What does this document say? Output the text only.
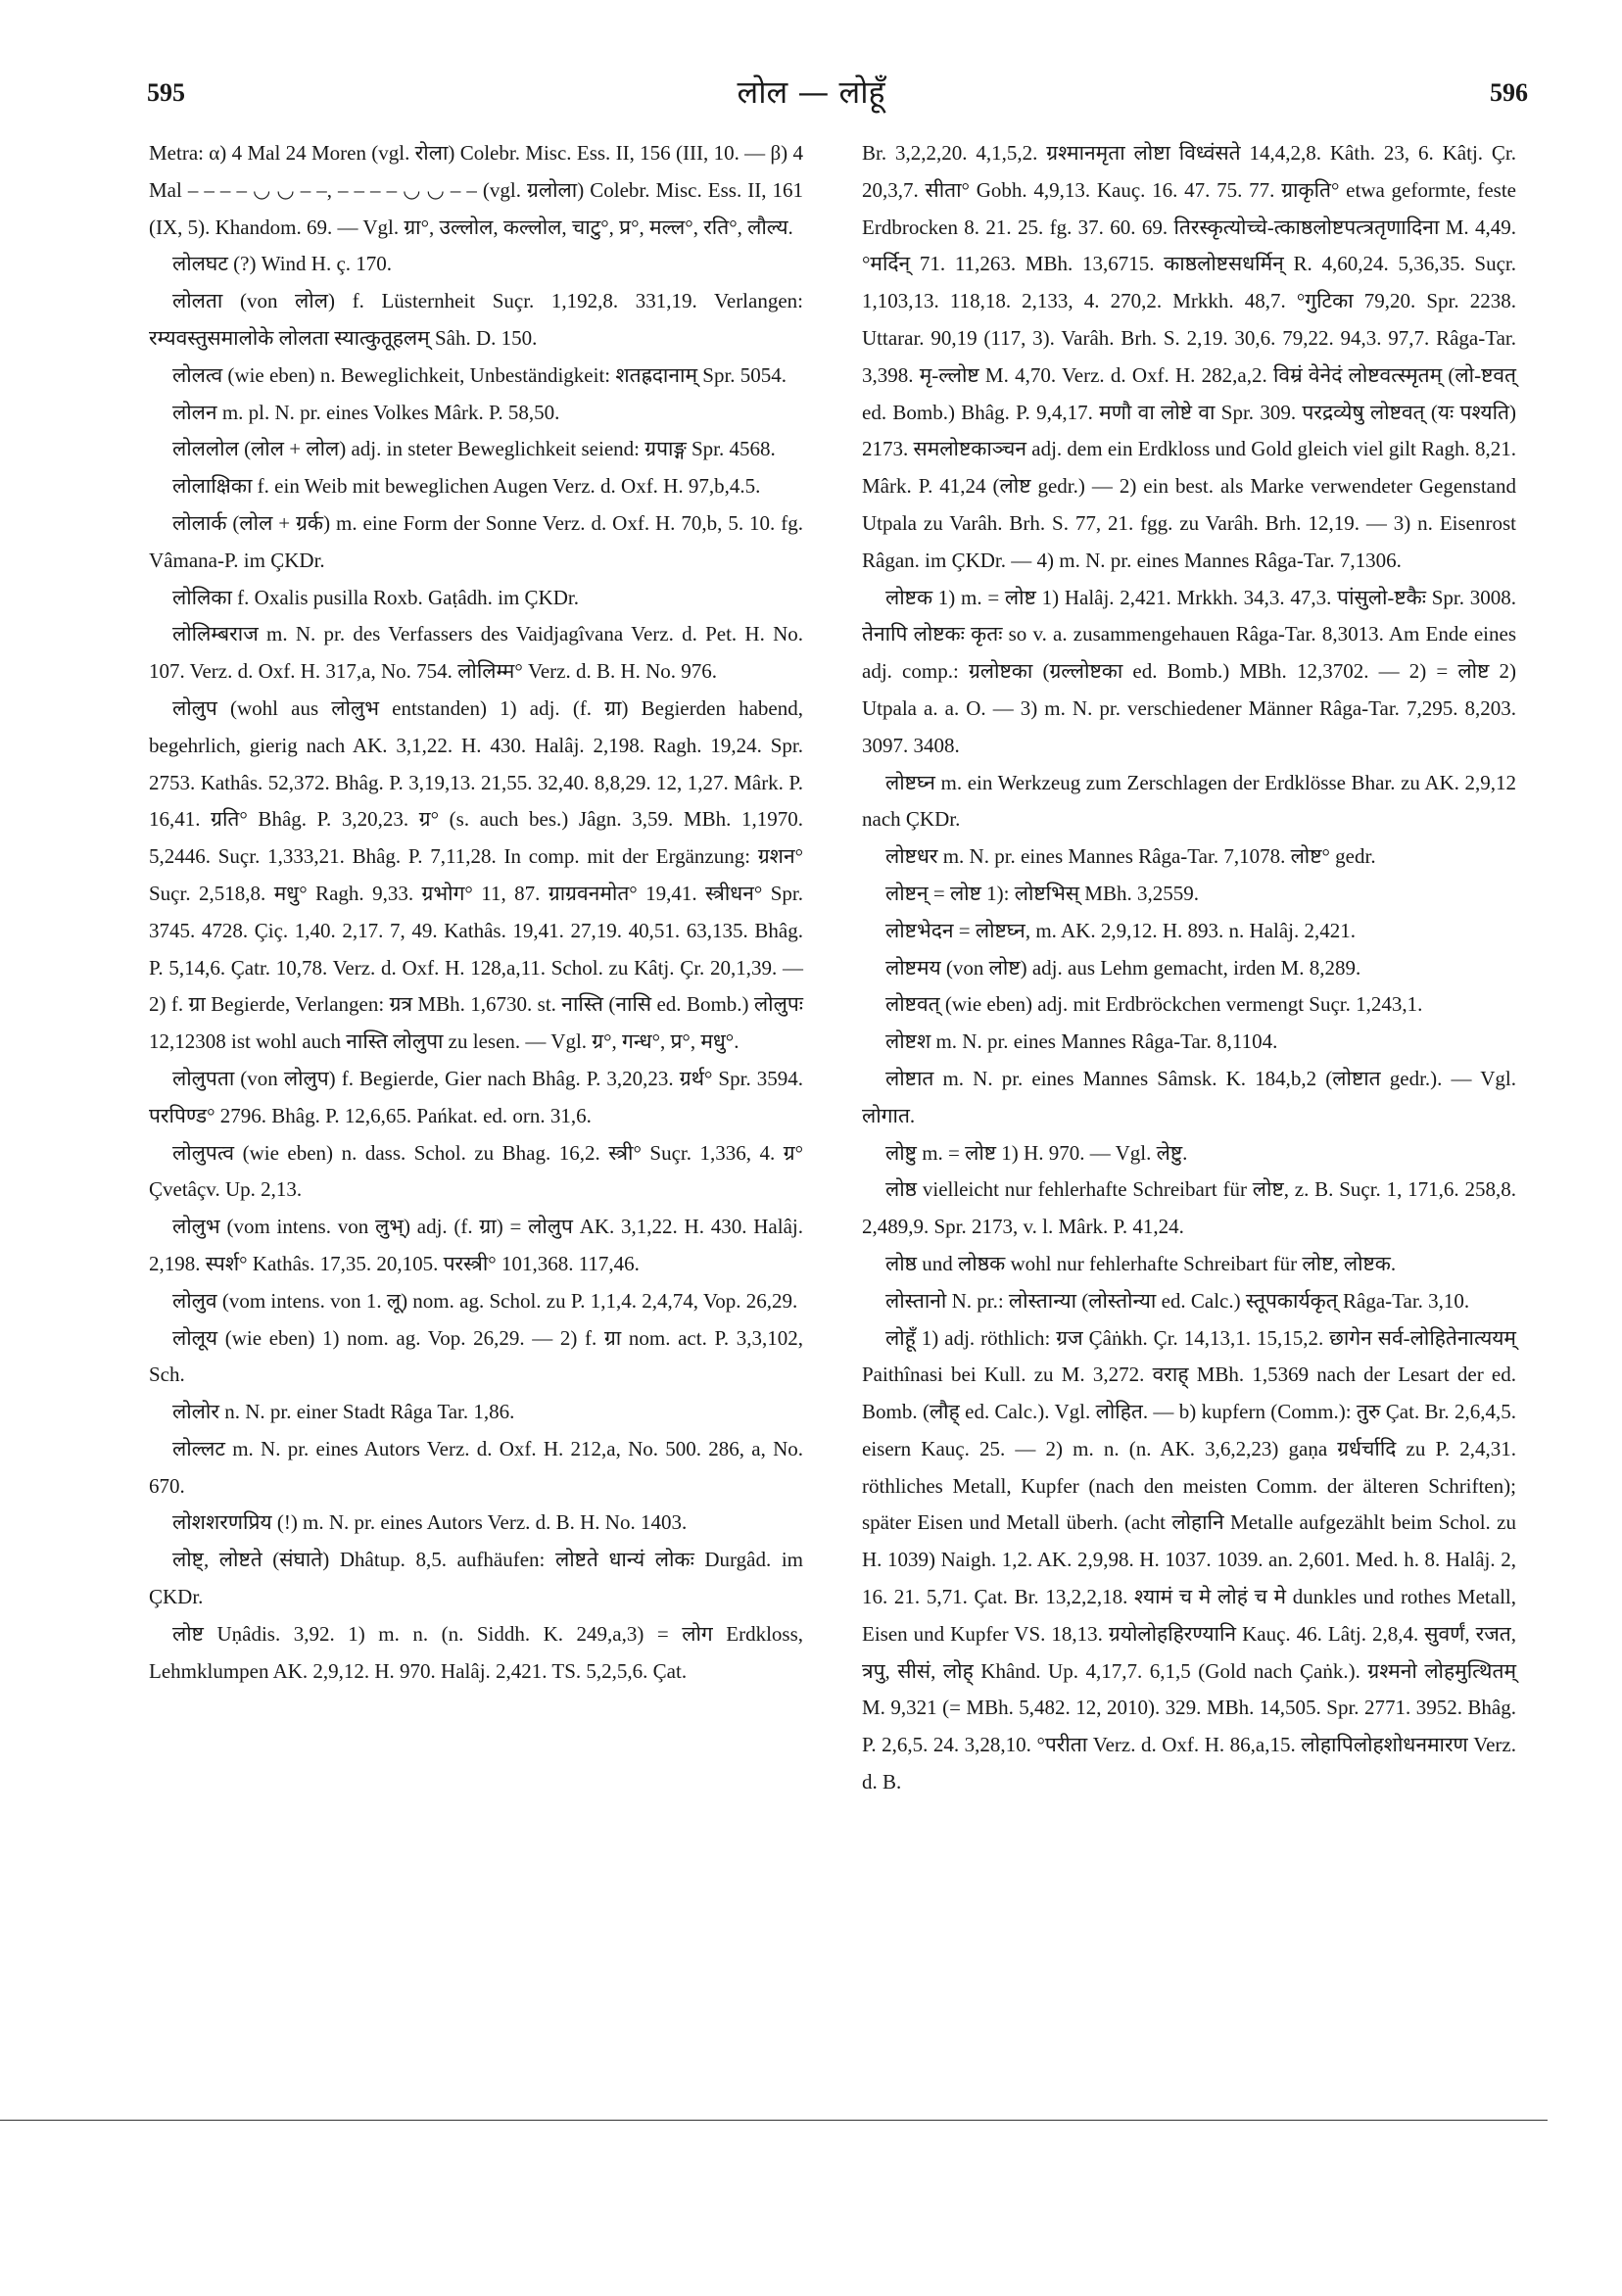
595	लोल — लोहूँ	596

Metra: α) 4 Mal 24 Moren (vgl. रोला) Colebr. Misc. Ess. II, 156 (III, 10. — β) 4 Mal – – – – ◡ ◡ – –, – – – – ◡ ◡ – – (vgl. ग्रलोला) Colebr. Misc. Ess. II, 161 (IX, 5). Khandom. 69. — Vgl. ग्रा°, उल्लोल, कल्लोल, चाटु°, प्र°, मल्ल°, रति°, लौल्य.

लोलघट (?) Wind H. ç. 170.

लोलता (von लोल) f. Lüsternheit Suçr. 1,192,8. 331,19. Verlangen: रम्यवस्तुसमालोके लोलता स्यात्कुतूहलम् Sâh. D. 150.

लोलत्व (wie eben) n. Beweglichkeit, Unbeständigkeit: शतह्रदानाम् Spr. 5054.

लोलन m. pl. N. pr. eines Volkes Mârk. P. 58,50.

लोललोल (लोल + लोल) adj. in steter Beweglichkeit seiend: ग्रपाङ्ग Spr. 4568.

लोलाक्षिका f. ein Weib mit beweglichen Augen Verz. d. Oxf. H. 97,b,4.5.

लोलार्क (लोल + ग्रर्क) m. eine Form der Sonne Verz. d. Oxf. H. 70,b, 5. 10. fg. Vâmana-P. im ÇKDr.

लोलिका f. Oxalis pusilla Roxb. Gaṭâdh. im ÇKDr.

लोलिम्बराज m. N. pr. des Verfassers des Vaidjagîvana Verz. d. Pet. H. No. 107. Verz. d. Oxf. H. 317,a, No. 754. लोलिम्म° Verz. d. B. H. No. 976.

लोलुप (wohl aus लोलुभ entstanden) 1) adj. (f. ग्रा) Begierden habend, begehrlich, gierig nach AK. 3,1,22. H. 430. Halâj. 2,198. Ragh. 19,24. Spr. 2753. Kathâs. 52,372. Bhâg. P. 3,19,13. 21,55. 32,40. 8,8,29. 12, 1,27. Mârk. P. 16,41. ग्रति° Bhâg. P. 3,20,23. ग्र° (s. auch bes.) Jâgn. 3,59. MBh. 1,1970. 5,2446. Suçr. 1,333,21. Bhâg. P. 7,11,28. In comp. mit der Ergänzung: ग्रशन° Suçr. 2,518,8. मधु° Ragh. 9,33. ग्रभोग° 11, 87. ग्राग्रवनमोत° 19,41. स्त्रीधन° Spr. 3745. 4728. Çiç. 1,40. 2,17. 7, 49. Kathâs. 19,41. 27,19. 40,51. 63,135. Bhâg. P. 5,14,6. Çatr. 10,78. Verz. d. Oxf. H. 128,a,11. Schol. zu Kâtj. Çr. 20,1,39. — 2) f. ग्रा Begierde, Verlangen: ग्रत्र MBh. 1,6730. st. नास्ति (नासि ed. Bomb.) लोलुपः 12,12308 ist wohl auch नास्ति लोलुपा zu lesen. — Vgl. ग्र°, गन्ध°, प्र°, मधु°.

लोलुपता (von लोलुप) f. Begierde, Gier nach Bhâg. P. 3,20,23. ग्रर्थ° Spr. 3594. परपिण्ड° 2796. Bhâg. P. 12,6,65. Pańkat. ed. orn. 31,6.

लोलुपत्व (wie eben) n. dass. Schol. zu Bhag. 16,2. स्त्री° Suçr. 1,336, 4. ग्र° Çvetâçv. Up. 2,13.

लोलुभ (vom intens. von लुभ्) adj. (f. ग्रा) = लोलुप AK. 3,1,22. H. 430. Halâj. 2,198. स्पर्श° Kathâs. 17,35. 20,105. परस्त्री° 101,368. 117,46.

लोलुव (vom intens. von 1. लू) nom. ag. Schol. zu P. 1,1,4. 2,4,74, Vop. 26,29.

लोलूय (wie eben) 1) nom. ag. Vop. 26,29. — 2) f. ग्रा nom. act. P. 3,3,102, Sch.

लोलोर n. N. pr. einer Stadt Râga Tar. 1,86.

लोल्लट m. N. pr. eines Autors Verz. d. Oxf. H. 212,a, No. 500. 286, a, No. 670.

लोशशरणप्रिय (!) m. N. pr. eines Autors Verz. d. B. H. No. 1403.

लोष्ट्, लोष्टते (संघाते) Dhâtup. 8,5. aufhäufen: लोष्टते धान्यं लोकः Durgâd. im ÇKDr.

लोष्ट Uṇâdis. 3,92. 1) m. n. (n. Siddh. K. 249,a,3) = लोग Erdkloss, Lehmklumpen AK. 2,9,12. H. 970. Halâj. 2,421. TS. 5,2,5,6. Çat.

Br. 3,2,2,20. 4,1,5,2. ग्रश्मानमृता लोष्टा विध्वंसते 14,4,2,8. Kâth. 23, 6. Kâtj. Çr. 20,3,7. सीता° Gobh. 4,9,13. Kauç. 16. 47. 75. 77. ग्राकृति° etwa geformte, feste Erdbrocken 8. 21. 25. fg. 37. 60. 69. तिरस्कृत्योच्चे-त्काष्ठलोष्टपत्त्रतृणादिना M. 4,49. °मर्दिन् 71. 11,263. MBh. 13,6715. काष्ठलोष्टसधर्मिन् R. 4,60,24. 5,36,35. Suçr. 1,103,13. 118,18. 2,133, 4. 270,2. Mrkkh. 48,7. °गुटिका 79,20. Spr. 2238. Uttarar. 90,19 (117, 3). Varâh. Brh. S. 2,19. 30,6. 79,22. 94,3. 97,7. Râga-Tar. 3,398. मृ-ल्लोष्ट M. 4,70. Verz. d. Oxf. H. 282,a,2. विम्रं वेनेदं लोष्टवत्स्मृतम् (लो-ष्टवत् ed. Bomb.) Bhâg. P. 9,4,17. मणौ वा लोष्टे वा Spr. 309. परद्रव्येषु लोष्टवत् (यः पश्यति) 2173. समलोष्टकाञ्चन adj. dem ein Erdkloss und Gold gleich viel gilt Ragh. 8,21. Mârk. P. 41,24 (लोष्ट gedr.) — 2) ein best. als Marke verwendeter Gegenstand Utpala zu Varâh. Brh. S. 77, 21. fgg. zu Varâh. Brh. 12,19. — 3) n. Eisenrost Râgan. im ÇKDr. — 4) m. N. pr. eines Mannes Râga-Tar. 7,1306.

लोष्टक 1) m. = लोष्ट 1) Halâj. 2,421. Mrkkh. 34,3. 47,3. पांसुलो-ष्टकैः Spr. 3008. तेनापि लोष्टकः कृतः so v. a. zusammengehauen Râga-Tar. 8,3013. Am Ende eines adj. comp.: ग्रलोष्टका (ग्रल्लोष्टका ed. Bomb.) MBh. 12,3702. — 2) = लोष्ट 2) Utpala a. a. O. — 3) m. N. pr. verschiedener Männer Râga-Tar. 7,295. 8,203. 3097. 3408.

लोष्टघ्न m. ein Werkzeug zum Zerschlagen der Erdklösse Bhar. zu AK. 2,9,12 nach ÇKDr.

लोष्टधर m. N. pr. eines Mannes Râga-Tar. 7,1078. लोष्ट° gedr.

लोष्टन् = लोष्ट 1): लोष्टभिस् MBh. 3,2559.

लोष्टभेदन = लोष्टघ्न, m. AK. 2,9,12. H. 893. n. Halâj. 2,421.

लोष्टमय (von लोष्ट) adj. aus Lehm gemacht, irden M. 8,289.

लोष्टवत् (wie eben) adj. mit Erdbröckchen vermengt Suçr. 1,243,1.

लोष्टश m. N. pr. eines Mannes Râga-Tar. 8,1104.

लोष्टात m. N. pr. eines Mannes Sâmsk. K. 184,b,2 (लोष्टात gedr.). — Vgl. लोगात.

लोष्टु m. = लोष्ट 1) H. 970. — Vgl. लेष्टु.

लोष्ठ vielleicht nur fehlerhafte Schreibart für लोष्ट, z. B. Suçr. 1, 171,6. 258,8. 2,489,9. Spr. 2173, v. l. Mârk. P. 41,24.

लोष्ठ und लोष्ठक wohl nur fehlerhafte Schreibart für लोष्ट, लोष्टक.

लोस्तानो N. pr.: लोस्तान्या (लोस्तोन्या ed. Calc.) स्तूपकार्यकृत् Râga-Tar. 3,10.

लोहूँ 1) adj. röthlich: ग्रज Çâṅkh. Çr. 14,13,1. 15,15,2. छागेन सर्व-लोहितेनात्ययम् Paithînasi bei Kull. zu M. 3,272. वराह् MBh. 1,5369 nach der Lesart der ed. Bomb. (लौह् ed. Calc.). Vgl. लोहित. — b) kupfern (Comm.): तुरु Çat. Br. 2,6,4,5. eisern Kauç. 25. — 2) m. n. (n. AK. 3,6,2,23) gaṇa ग्रर्धर्चादि zu P. 2,4,31. röthliches Metall, Kupfer (nach den meisten Comm. der älteren Schriften); später Eisen und Metall überh. (acht लोहानि Metalle aufgezählt beim Schol. zu H. 1039) Naigh. 1,2. AK. 2,9,98. H. 1037. 1039. an. 2,601. Med. h. 8. Halâj. 2, 16. 21. 5,71. Çat. Br. 13,2,2,18. श्यामं च मे लोहं च मे dunkles und rothes Metall, Eisen und Kupfer VS. 18,13. ग्रयोलोहहिरण्यानि Kauç. 46. Lâtj. 2,8,4. सुवर्णं, रजत, त्रपु, सीसं, लोह् Khând. Up. 4,17,7. 6,1,5 (Gold nach Çaṅk.). ग्रश्मनो लोहमुत्थितम् M. 9,321 (= MBh. 5,482. 12, 2010). 329. MBh. 14,505. Spr. 2771. 3952. Bhâg. P. 2,6,5. 24. 3,28,10. °परीता Verz. d. Oxf. H. 86,a,15. लोहापिलोहशोधनमारण Verz. d. B.
